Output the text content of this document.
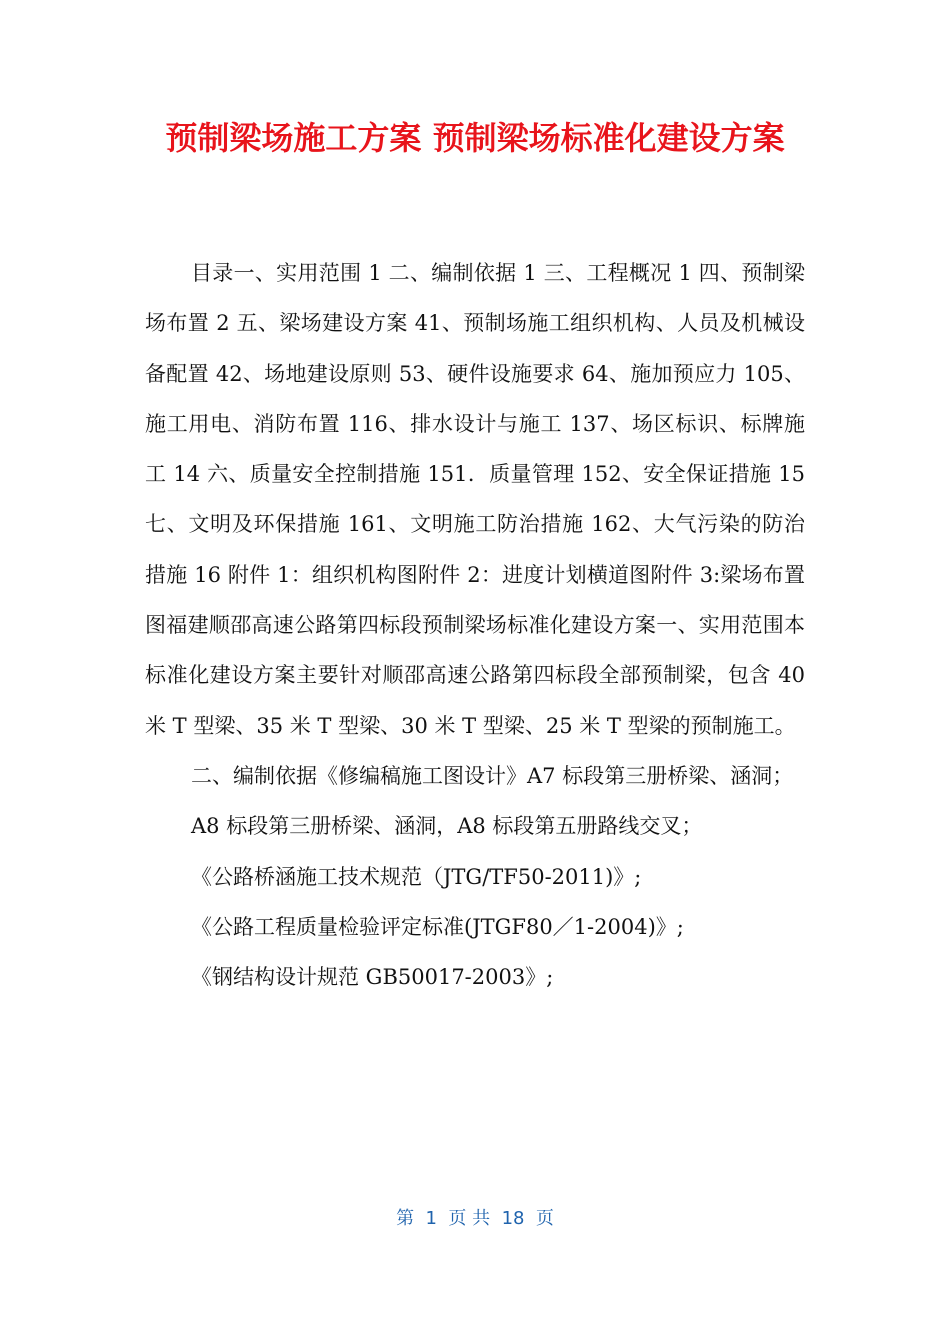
预制梁场施工方案 预制梁场标准化建设方案

目录一、实用范围 1 二、编制依据 1 三、工程概况 1 四、预制梁场布置 2 五、梁场建设方案 41、预制场施工组织机构、人员及机械设备配置 42、场地建设原则 53、硬件设施要求 64、施加预应力 105、施工用电、消防布置 116、排水设计与施工 137、场区标识、标牌施工 14 六、质量安全控制措施 151．质量管理 152、安全保证措施 15 七、文明及环保措施 161、文明施工防治措施 162、大气污染的防治措施 16 附件 1：组织机构图附件 2：进度计划横道图附件 3:梁场布置图福建顺邵高速公路第四标段预制梁场标准化建设方案一、实用范围本标准化建设方案主要针对顺邵高速公路第四标段全部预制梁，包含 40 米 T 型梁、35 米 T 型梁、30 米 T 型梁、25 米 T 型梁的预制施工。

二、编制依据《修编稿施工图设计》A7 标段第三册桥梁、涵洞；

A8 标段第三册桥梁、涵洞，A8 标段第五册路线交叉；

《公路桥涵施工技术规范（JTG/TF50-2011)》;

《公路工程质量检验评定标准(JTGF80／1-2004)》;

《钢结构设计规范 GB50017-2003》;

第  1  页 共  18  页
